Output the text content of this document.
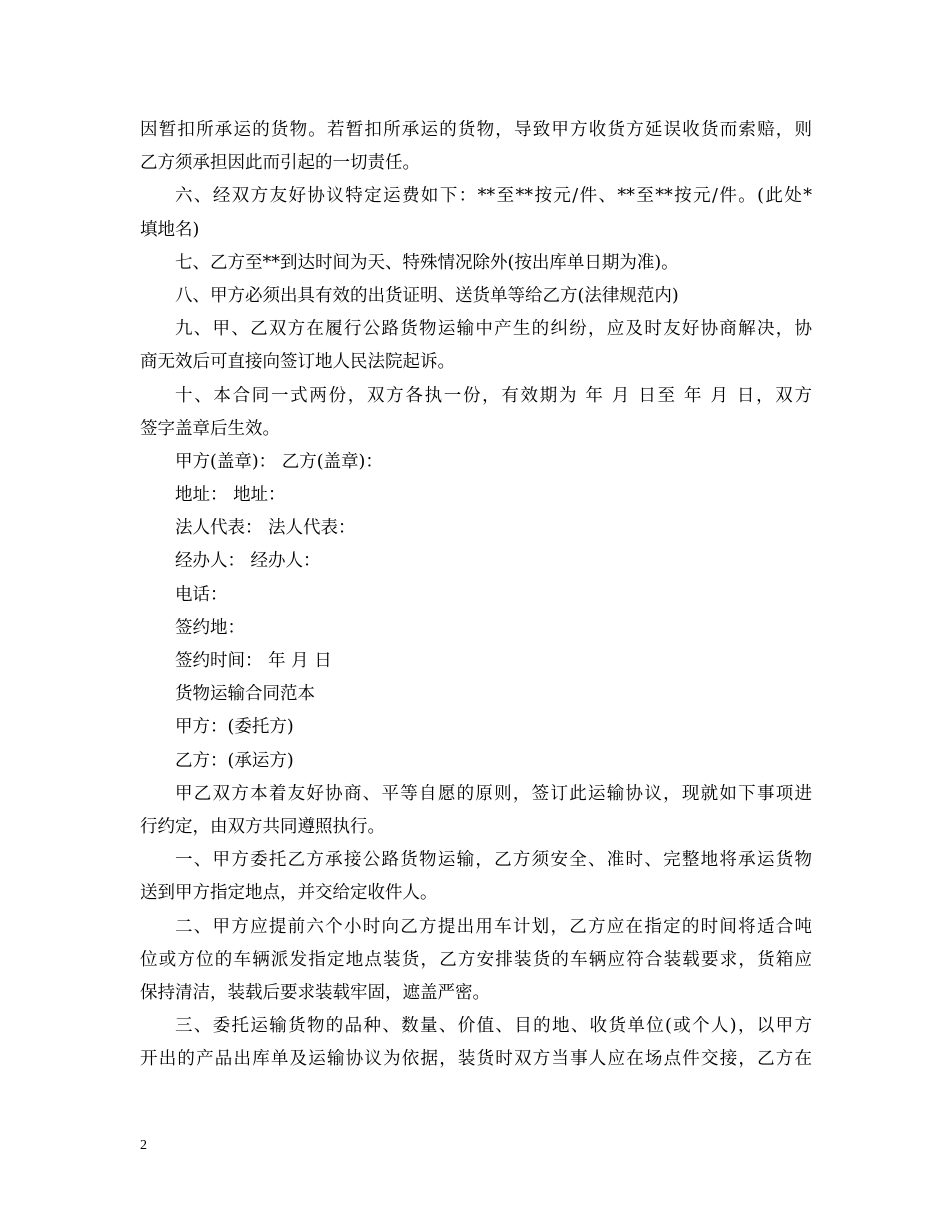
因暂扣所承运的货物。若暂扣所承运的货物，导致甲方收货方延误收货而索赔，则
乙方须承担因此而引起的一切责任。
六、经双方友好协议特定运费如下：**至**按元/件、**至**按元/件。(此处*
填地名)
七、乙方至**到达时间为天、特殊情况除外(按出库单日期为准)。
八、甲方必须出具有效的出货证明、送货单等给乙方(法律规范内)
九、甲、乙双方在履行公路货物运输中产生的纠纷，应及时友好协商解决，协
商无效后可直接向签订地人民法院起诉。
十、本合同一式两份，双方各执一份，有效期为 年 月 日至 年 月 日，双方
签字盖章后生效。
甲方(盖章)： 乙方(盖章)：
地址： 地址：
法人代表： 法人代表：
经办人： 经办人：
电话：
签约地：
签约时间： 年 月 日
货物运输合同范本
甲方：(委托方)
乙方：(承运方)
甲乙双方本着友好协商、平等自愿的原则，签订此运输协议，现就如下事项进
行约定，由双方共同遵照执行。
一、甲方委托乙方承接公路货物运输，乙方须安全、准时、完整地将承运货物
送到甲方指定地点，并交给定收件人。
二、甲方应提前六个小时向乙方提出用车计划，乙方应在指定的时间将适合吨
位或方位的车辆派发指定地点装货，乙方安排装货的车辆应符合装载要求，货箱应
保持清洁，装载后要求装载牢固，遮盖严密。
三、委托运输货物的品种、数量、价值、目的地、收货单位(或个人)，以甲方
开出的产品出库单及运输协议为依据，装货时双方当事人应在场点件交接，乙方在
2
